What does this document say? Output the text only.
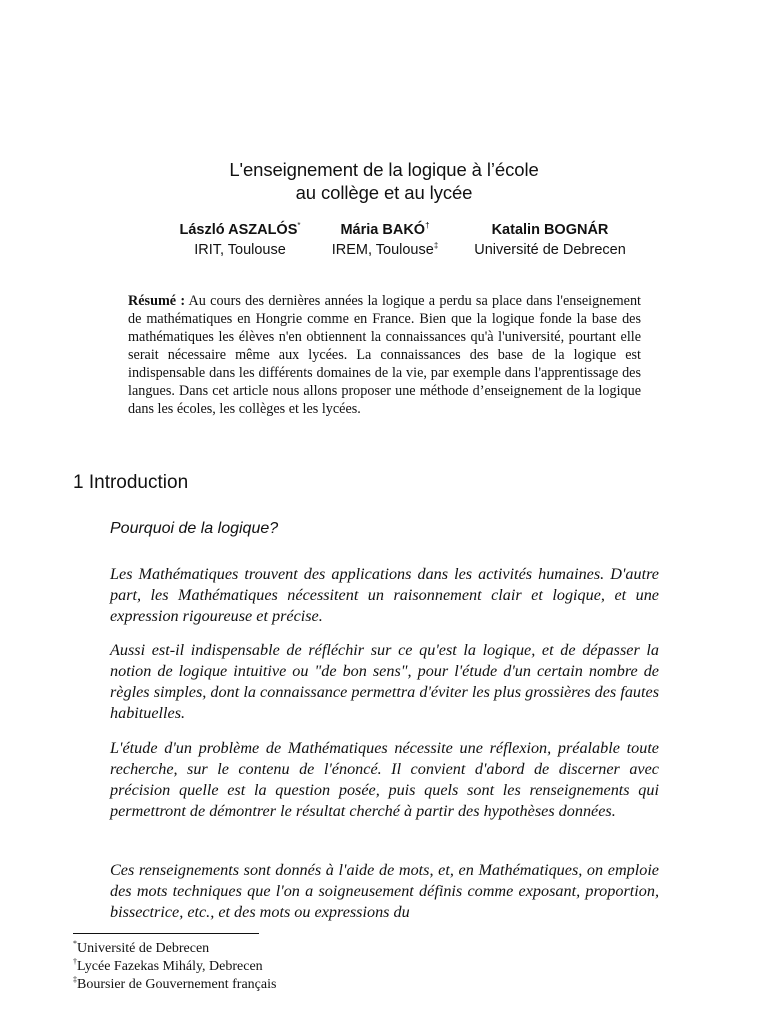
L'enseignement de la logique à l’école
au collège et au lycée
László ASZALÓS*
IRIT, Toulouse
Mária BAKÓ†
IREM, Toulouse‡
Katalin BOGNÁR
Université de Debrecen
Résumé : Au cours des dernières années la logique a perdu sa place dans l'enseignement de mathématiques en Hongrie comme en France. Bien que la logique fonde la base des mathématiques les élèves n'en obtiennent la connaissances qu'à l'université, pourtant elle serait nécessaire même aux lycées. La connaissances des base de la logique est indispensable dans les différents domaines de la vie, par exemple dans l'apprentissage des langues. Dans cet article nous allons proposer une méthode d’enseignement de la logique dans les écoles, les collèges et les lycées.
1 Introduction
Pourquoi de la logique?

Les Mathématiques trouvent des applications dans les activités humaines. D'autre part, les Mathématiques nécessitent un raisonnement clair et logique, et une expression rigoureuse et précise.

Aussi est-il indispensable de réfléchir sur ce qu'est la logique, et de dépasser la notion de logique intuitive ou "de bon sens", pour l'étude d'un certain nombre de règles simples, dont la connaissance permettra d'éviter les plus grossières des fautes habituelles.

L'étude d'un problème de Mathématiques nécessite une réflexion, préalable toute recherche, sur le contenu de l'énoncé. Il convient d'abord de discerner avec précision quelle est la question posée, puis quels sont les renseignements qui permettront de démontrer le résultat cherché à partir des hypothèses données.

Ces renseignements sont donnés à l'aide de mots, et, en Mathématiques, on emploie des mots techniques que l'on a soigneusement définis comme exposant, proportion, bissectrice, etc., et des mots ou expressions du

*Université de Debrecen
†Lycée Fazekas Mihály, Debrecen
‡Boursier de Gouvernement français
